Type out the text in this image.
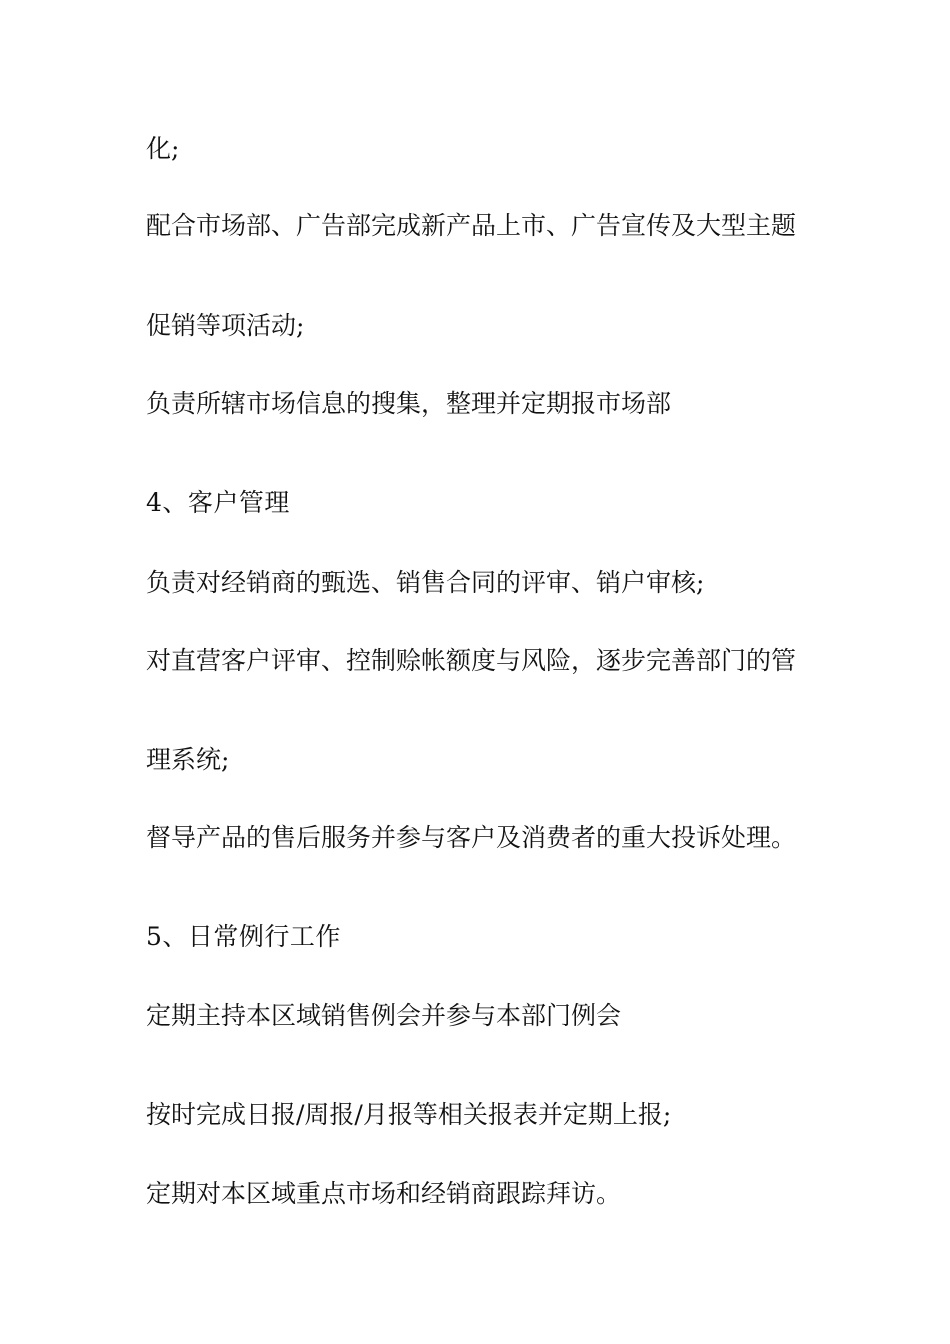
化;
配合市场部、广告部完成新产品上市、广告宣传及大型主题
促销等项活动;
负责所辖市场信息的搜集，整理并定期报市场部
4、客户管理
负责对经销商的甄选、销售合同的评审、销户审核;
对直营客户评审、控制赊帐额度与风险，逐步完善部门的管
理系统;
督导产品的售后服务并参与客户及消费者的重大投诉处理。
5、日常例行工作
定期主持本区域销售例会并参与本部门例会
按时完成日报/周报/月报等相关报表并定期上报;
定期对本区域重点市场和经销商跟踪拜访。
